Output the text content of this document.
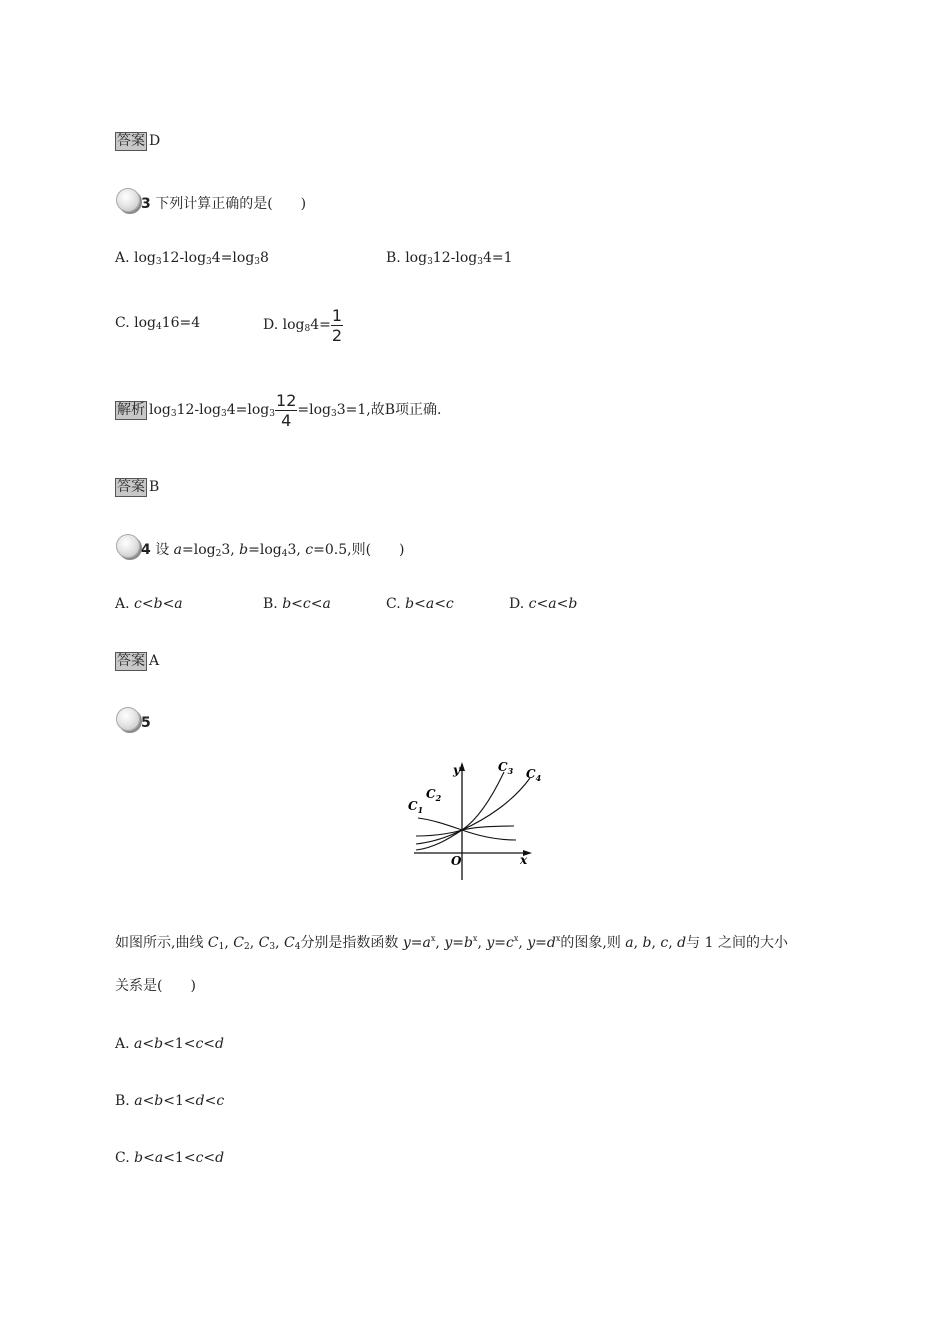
答案 D
3 下列计算正确的是(　　)
A. $\log_312-\log_34=\log_38$	B. $\log_312-\log_34=1$
C. $\log_416=4$	D. $\log_84= \frac{1}{2}$
解析 $\log_312-\log_34=\log_3 \frac{12}{4} =\log_33=1$,故B项正确.
答案 B
4 设 $a=\log_23$, $b=\log_43$, c=0.5,则(　　)
A. c<b<a	B. b<c<a	C. b<a<c	D. c<a<b
答案 A
5
y
x
O
$C_1$
$C_2$
$C_3$ $C_4$
如图所示,曲线 $C_1$, $C_2$, $C_3$, $C_4$分别是指数函数 $y=a^x$, $y=b^x$, $y=c^x$, $y=d^x$的图象,则 a, b, c, d与 1 之间的大小
关系是(　　)
A. a<b<1<c<d
B. a<b<1<d<c
C. b<a<1<c<d
